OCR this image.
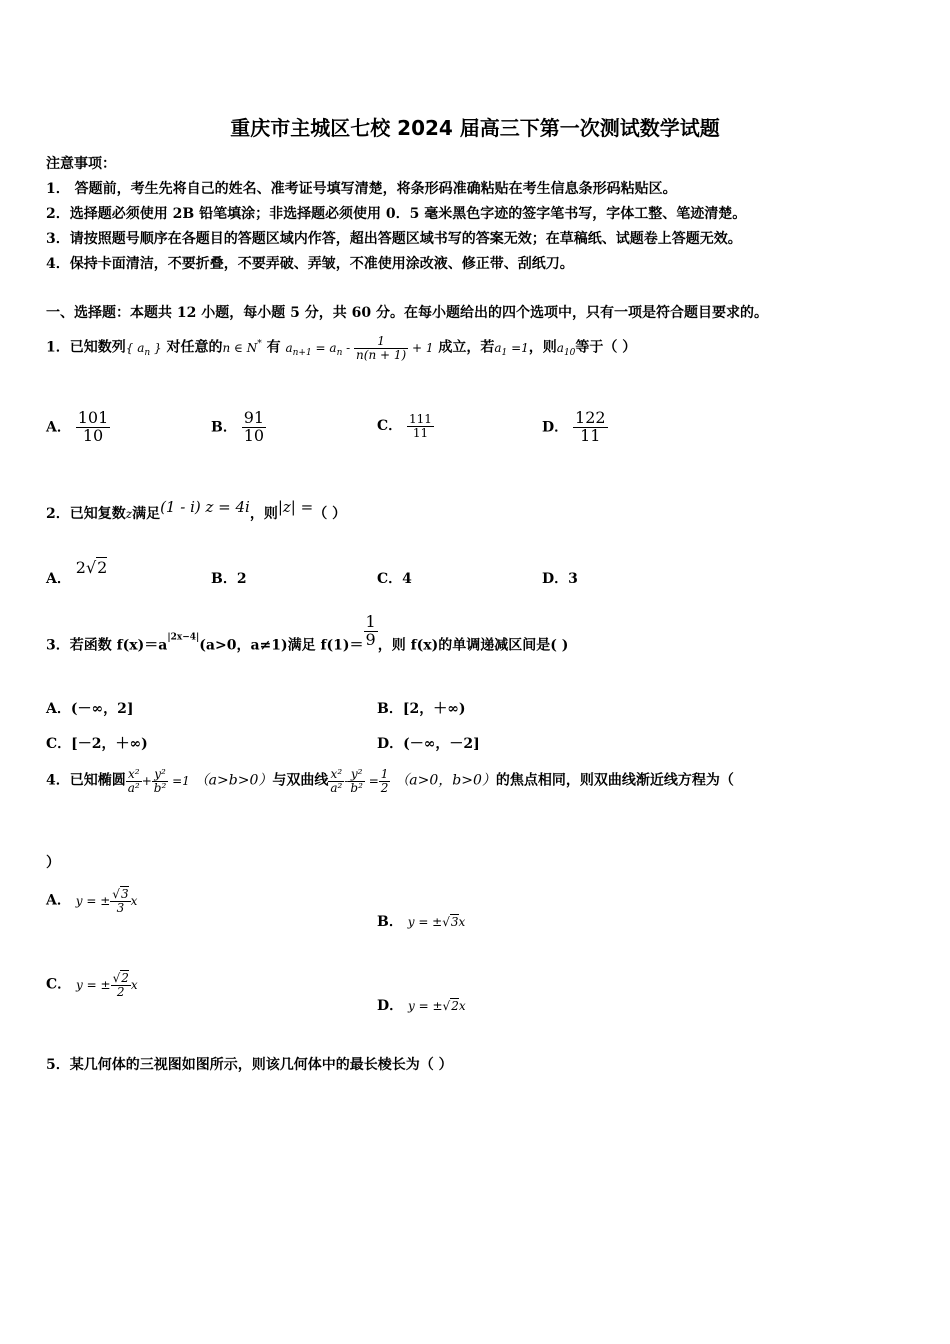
重庆市主城区七校 2024 届高三下第一次测试数学试题
注意事项：
1． 答题前，考生先将自己的姓名、准考证号填写清楚，将条形码准确粘贴在考生信息条形码粘贴区。
2．选择题必须使用 2B 铅笔填涂；非选择题必须使用 0．5 毫米黑色字迹的签字笔书写，字体工整、笔迹清楚。
3．请按照题号顺序在各题目的答题区域内作答，超出答题区域书写的答案无效；在草稿纸、试题卷上答题无效。
4．保持卡面清洁，不要折叠，不要弄破、弄皱，不准使用涂改液、修正带、刮纸刀。
一、选择题：本题共 12 小题，每小题 5 分，共 60 分。在每小题给出的四个选项中，只有一项是符合题目要求的。
1．已知数列{ $a_n$ } 对任意的n ∈ N* 有 $a_{n+1} = a_n - \frac{1}{n(n + 1)} + 1$ 成立，若$a_1 =1$，则$a_{10}$等于（ ）
A． $\frac{101}{10}$	B． $\frac{91}{10}$	C． $\frac{111}{11}$	D． $\frac{122}{11}$
2．已知复数z满足(1 - i) z = 4i，则|z| =（ ）
A． 2√2
B．2	C．4	D．3
3．若函数 $f(x)=a_{|2x-4|}(a>0$，a≠1)满足 $f(1)= \frac{1}{9}$ ，则 f(x)的单调递减区间是( )
A．(－∞，2]	B．[2，＋∞)
C．[－2，＋∞)	D．(－∞，－2]
4．已知椭圆 $\frac{\text{x²}}{\text{a²}} + \frac{\text{y²}}{\text{b²}} =1$ （a>b>0）与双曲线 $\frac{\text{x²}}{\text{a²}} - \frac{\text{y²}}{\text{b²}} = \frac{1}{2} (a>0$，b>0）的焦点相同，则双曲线渐近线方程为（
）
A． y = ± $\frac{√3}{3}$ x
B． y = ±√3x
C． y = ± $\frac{√2}{2}$ x
D． y = ±√2x
5．某几何体的三视图如图所示，则该几何体中的最长棱长为（ ）
